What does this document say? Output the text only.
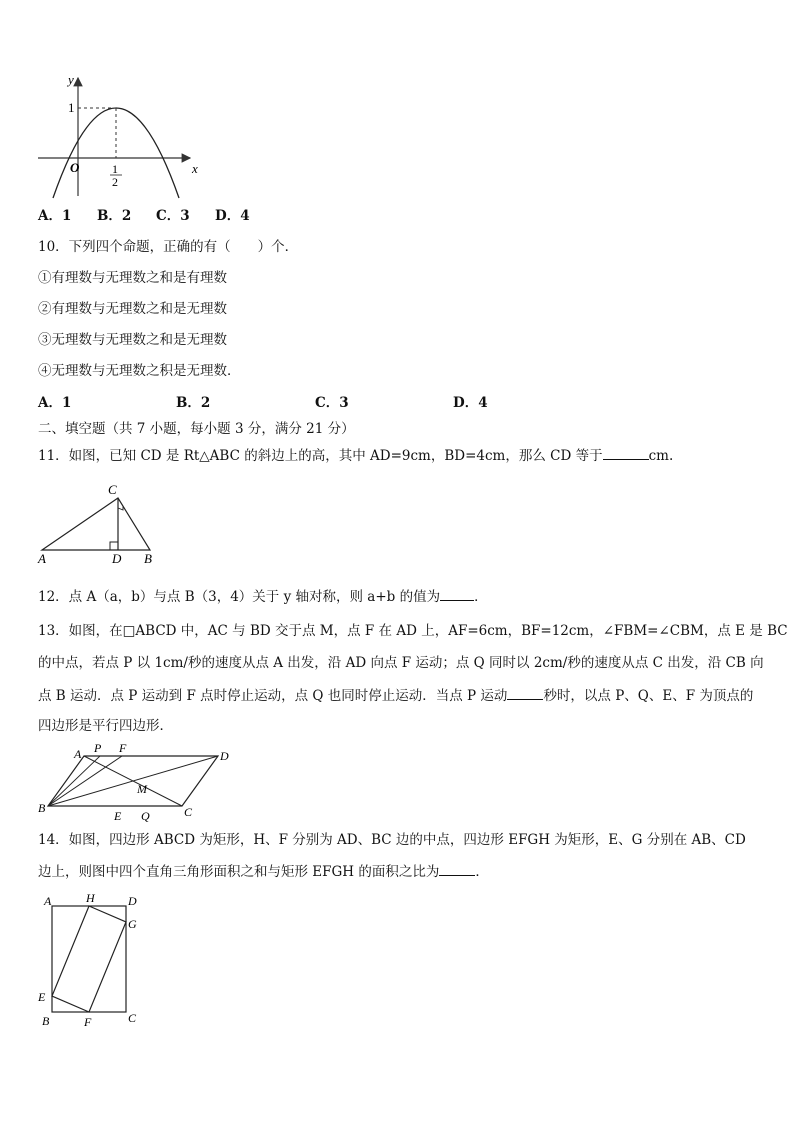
y
x
O
1
1
2
A．1 B．2 C．3 D．4
10．下列四个命题，正确的有（　　）个．
①有理数与无理数之和是有理数
②有理数与无理数之和是无理数
③无理数与无理数之和是无理数
④无理数与无理数之积是无理数．
A．1	B．2	C．3	D．4
二、填空题（共 7 小题，每小题 3 分，满分 21 分）
11．如图，已知 CD 是 Rt△ABC 的斜边上的高，其中 AD=9cm，BD=4cm，那么 CD 等于	cm.
C
A	D B
12．点 A（a，b）与点 B（3，4）关于 y 轴对称，则 a+b 的值为	．
13．如图，在□ABCD 中，AC 与 BD 交于点 M，点 F 在 AD 上，AF=6cm，BF=12cm，∠FBM=∠CBM，点 E 是 BC
的中点，若点 P 以 1cm/秒的速度从点 A 出发，沿 AD 向点 F 运动；点 Q 同时以 2cm/秒的速度从点 C 出发，沿 CB 向
点 B 运动．点 P 运动到 F 点时停止运动，点 Q 也同时停止运动．当点 P 运动	秒时，以点 P、Q、E、F 为顶点的
四边形是平行四边形．
A P F
D
M
B
E Q	C
14．如图，四边形 ABCD 为矩形，H、F 分别为 AD、BC 边的中点，四边形 EFGH 为矩形，E、G 分别在 AB、CD
边上，则图中四个直角三角形面积之和与矩形 EFGH 的面积之比为	．
A	H	D
G
E
B	F	C
